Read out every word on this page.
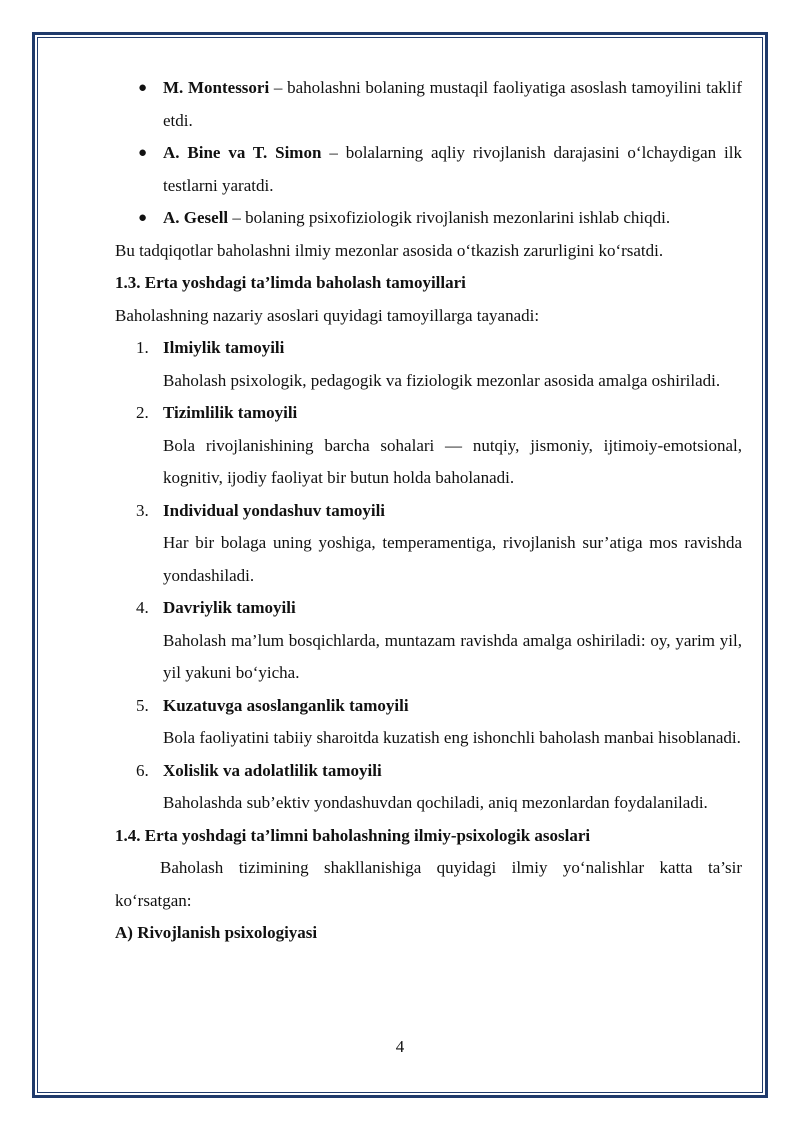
● M. Montessori – baholashni bolaning mustaqil faoliyatiga asoslash tamoyilini taklif etdi.
● A. Bine va T. Simon – bolalarning aqliy rivojlanish darajasini o‘lchaydigan ilk testlarni yaratdi.
● A. Gesell – bolaning psixofiziologik rivojlanish mezonlarini ishlab chiqdi.
Bu tadqiqotlar baholashni ilmiy mezonlar asosida o‘tkazish zarurligini ko‘rsatdi.
1.3. Erta yoshdagi ta’limda baholash tamoyillari
Baholashning nazariy asoslari quyidagi tamoyillarga tayanadi:
1. Ilmiylik tamoyili
Baholash psixologik, pedagogik va fiziologik mezonlar asosida amalga oshiriladi.
2. Tizimlilik tamoyili
Bola rivojlanishining barcha sohalari — nutqiy, jismoniy, ijtimoiy-emotsional, kognitiv, ijodiy faoliyat bir butun holda baholanadi.
3. Individual yondashuv tamoyili
Har bir bolaga uning yoshiga, temperamentiga, rivojlanish sur’atiga mos ravishda yondashiladi.
4. Davriylik tamoyili
Baholash ma’lum bosqichlarda, muntazam ravishda amalga oshiriladi: oy, yarim yil, yil yakuni bo‘yicha.
5. Kuzatuvga asoslanganlik tamoyili
Bola faoliyatini tabiiy sharoitda kuzatish eng ishonchli baholash manbai hisoblanadi.
6. Xolislik va adolatlilik tamoyili
Baholashda sub’ektiv yondashuvdan qochiladi, aniq mezonlardan foydalaniladi.
1.4. Erta yoshdagi ta’limni baholashning ilmiy-psixologik asoslari
Baholash tizimining shakllanishiga quyidagi ilmiy yo‘nalishlar katta ta’sir ko‘rsatgan:
A) Rivojlanish psixologiyasi
4
